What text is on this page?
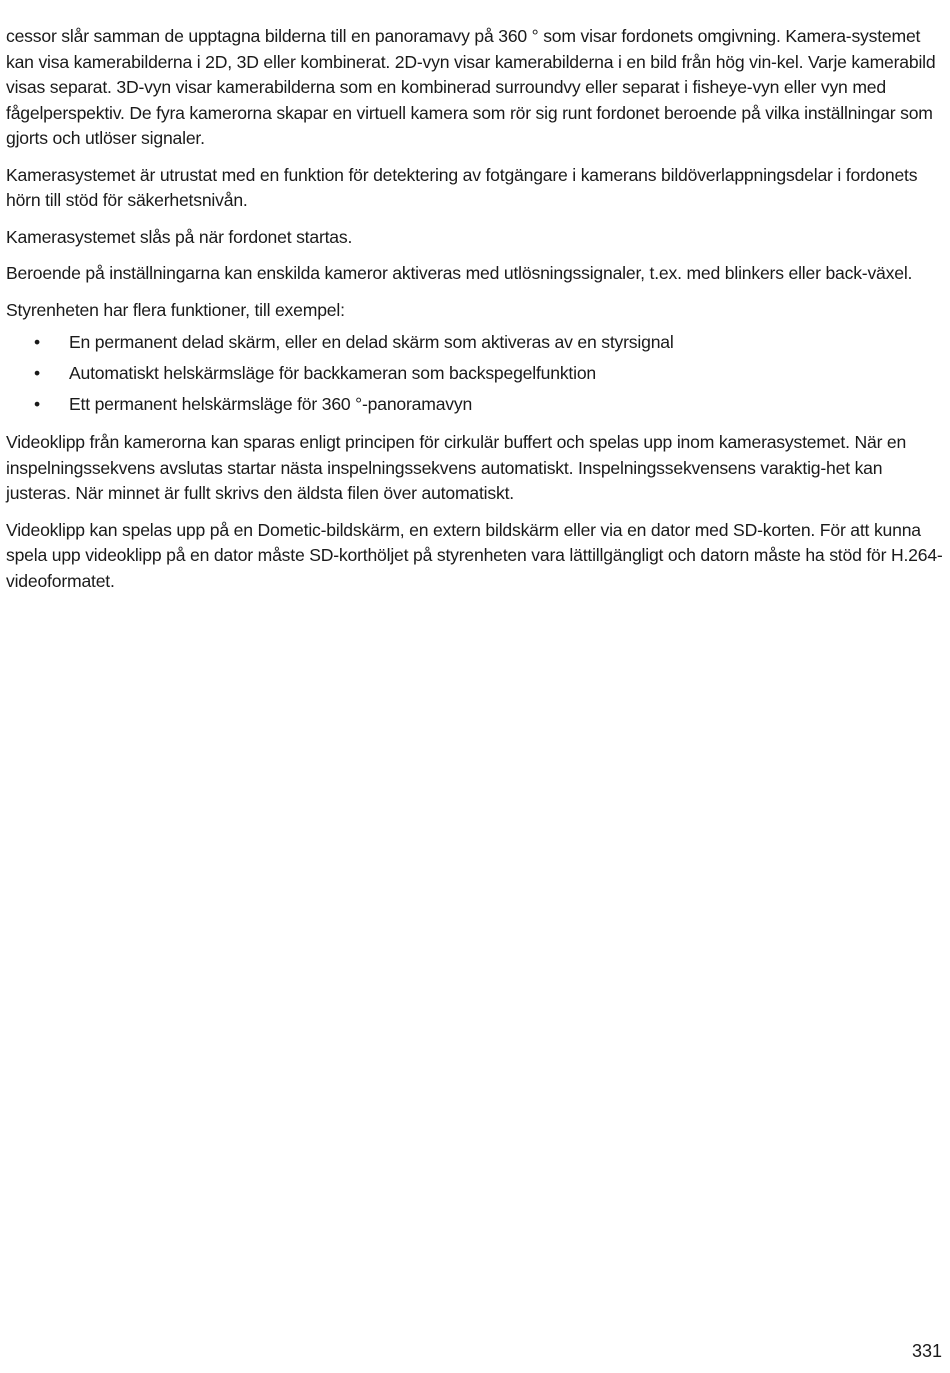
cessor slår samman de upptagna bilderna till en panoramavy på 360 ° som visar fordonets omgivning. Kamera-systemet kan visa kamerabilderna i 2D, 3D eller kombinerat. 2D-vyn visar kamerabilderna i en bild från hög vin-kel. Varje kamerabild visas separat. 3D-vyn visar kamerabilderna som en kombinerad surroundvy eller separat i fisheye-vyn eller vyn med fågelperspektiv. De fyra kamerorna skapar en virtuell kamera som rör sig runt fordonet beroende på vilka inställningar som gjorts och utlöser signaler.

Kamerasystemet är utrustat med en funktion för detektering av fotgängare i kamerans bildöverlappningsdelar i fordonets hörn till stöd för säkerhetsnivån.

Kamerasystemet slås på när fordonet startas.

Beroende på inställningarna kan enskilda kameror aktiveras med utlösningssignaler, t.ex. med blinkers eller back-växel.

Styrenheten har flera funktioner, till exempel:

• En permanent delad skärm, eller en delad skärm som aktiveras av en styrsignal
• Automatiskt helskärmsläge för backkameran som backspegelfunktion
• Ett permanent helskärmsläge för 360 °-panoramavyn

Videoklipp från kamerorna kan sparas enligt principen för cirkulär buffert och spelas upp inom kamerasystemet. När en inspelningssekvens avslutas startar nästa inspelningssekvens automatiskt. Inspelningssekvensens varaktig-het kan justeras. När minnet är fullt skrivs den äldsta filen över automatiskt.

Videoklipp kan spelas upp på en Dometic-bildskärm, en extern bildskärm eller via en dator med SD-korten. För att kunna spela upp videoklipp på en dator måste SD-korthöljet på styrenheten vara lättillgängligt och datorn måste ha stöd för H.264-videoformatet.

331
